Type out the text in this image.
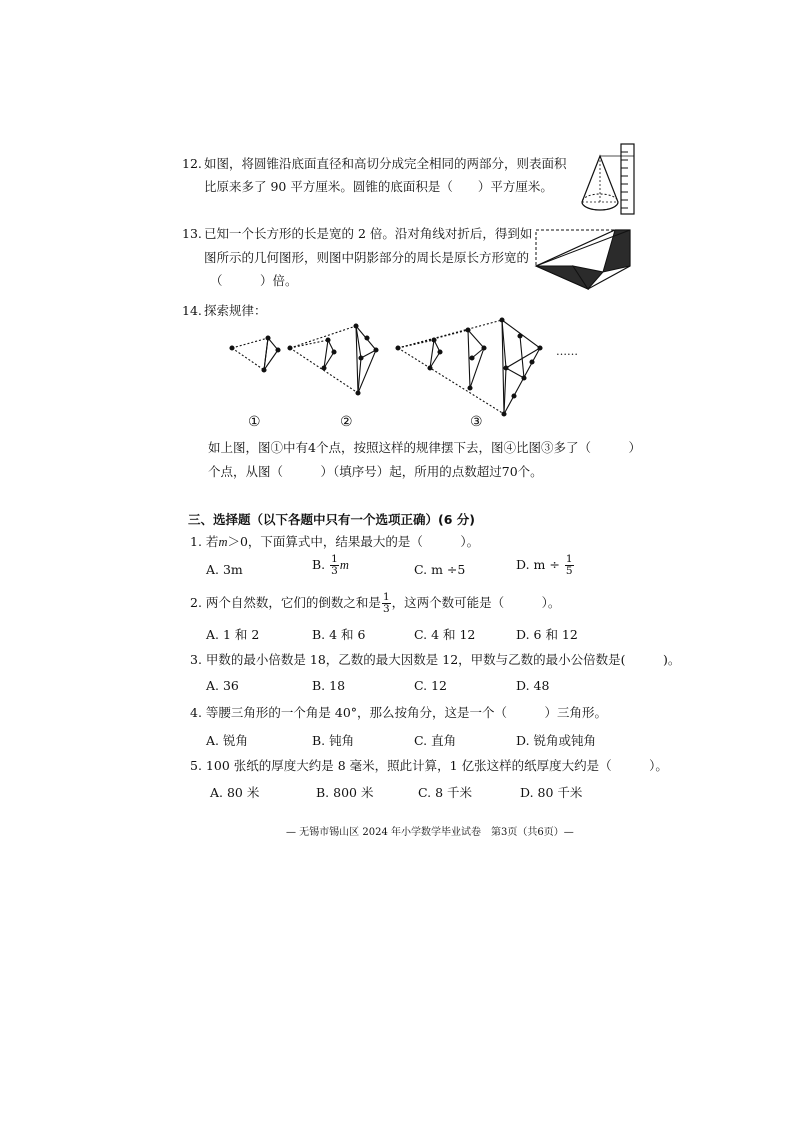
12. 如图，将圆锥沿底面直径和高切分成完全相同的两部分，则表面积
比原来多了 90 平方厘米。圆锥的底面积是（　　）平方厘米。
13. 已知一个长方形的长是宽的 2 倍。沿对角线对折后，得到如
图所示的几何图形，则图中阴影部分的周长是原长方形宽的
（　　　）倍。
14. 探索规律：
……
①	②	③
如上图，图①中有4个点，按照这样的规律摆下去，图④比图③多了（　　　）
个点，从图（　　　）（填序号）起，所用的点数超过70个。
三、选择题（以下各题中只有一个选项正确）(6 分)
1. 若m＞0，下面算式中，结果最大的是（　　　）。
A. 3m	B. $\frac{1}{3}$ m	C. m ÷5	D. $m \div \frac{1}{5}$
2. 两个自然数，它们的倒数之和是 $\frac{1}{3}$ ，这两个数可能是（　　　）。
A. 1 和 2	B. 4 和 6	C. 4 和 12	D. 6 和 12
3. 甲数的最小倍数是 18，乙数的最大因数是 12，甲数与乙数的最小公倍数是(　　　)。
A. 36	B. 18	C. 12	D. 48
4. 等腰三角形的一个角是 40°，那么按角分，这是一个（　　　）三角形。
A. 锐角	B. 钝角	C. 直角	D. 锐角或钝角
5. 100 张纸的厚度大约是 8 毫米，照此计算，1 亿张这样的纸厚度大约是（　　　）。
A. 80 米	B. 800 米	C. 8 千米	D. 80 千米
— 无锡市锡山区 2024 年小学数学毕业试卷　第3页（共6页）—
